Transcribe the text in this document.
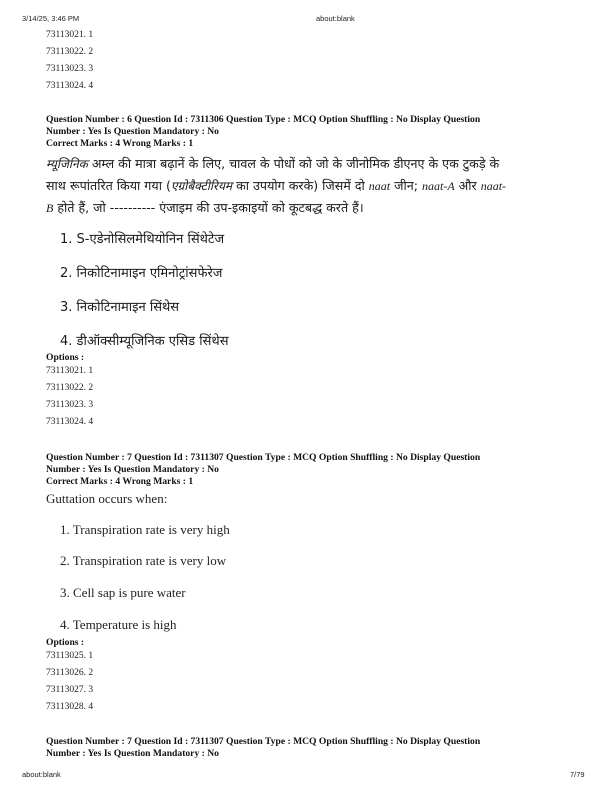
3/14/25, 3:46 PM	about:blank
73113021. 1
73113022. 2
73113023. 3
73113024. 4
Question Number : 6 Question Id : 7311306 Question Type : MCQ Option Shuffling : No Display Question
Number : Yes Is Question Mandatory : No
Correct Marks : 4 Wrong Marks : 1
म्यूजिनिक अम्ल की मात्रा बढ़ानें के लिए, चावल के पोधों को जो के जीनोमिक डीएनए के एक टुकड़े के
साथ रूपांतरित किया गया (एग्रोबैक्टीरियम का उपयोग करके) जिसमें दो naat जीन; naat-A और naat-
B होते हैं, जो ---------- एंजाइम की उप-इकाइयों को कूटबद्ध करते हैं।
1. S-एडेनोसिलमेथियोनिन सिंथेटेज
2. निकोटिनामाइन एमिनोट्रांसफेरेज
3. निकोटिनामाइन सिंथेस
4. डीऑक्सीम्यूजिनिक एसिड सिंथेस
Options :
73113021. 1
73113022. 2
73113023. 3
73113024. 4
Question Number : 7 Question Id : 7311307 Question Type : MCQ Option Shuffling : No Display Question
Number : Yes Is Question Mandatory : No
Correct Marks : 4 Wrong Marks : 1
Guttation occurs when:
1. Transpiration rate is very high
2. Transpiration rate is very low
3. Cell sap is pure water
4. Temperature is high
Options :
73113025. 1
73113026. 2
73113027. 3
73113028. 4
Question Number : 7 Question Id : 7311307 Question Type : MCQ Option Shuffling : No Display Question
Number : Yes Is Question Mandatory : No
about:blank	7/79
